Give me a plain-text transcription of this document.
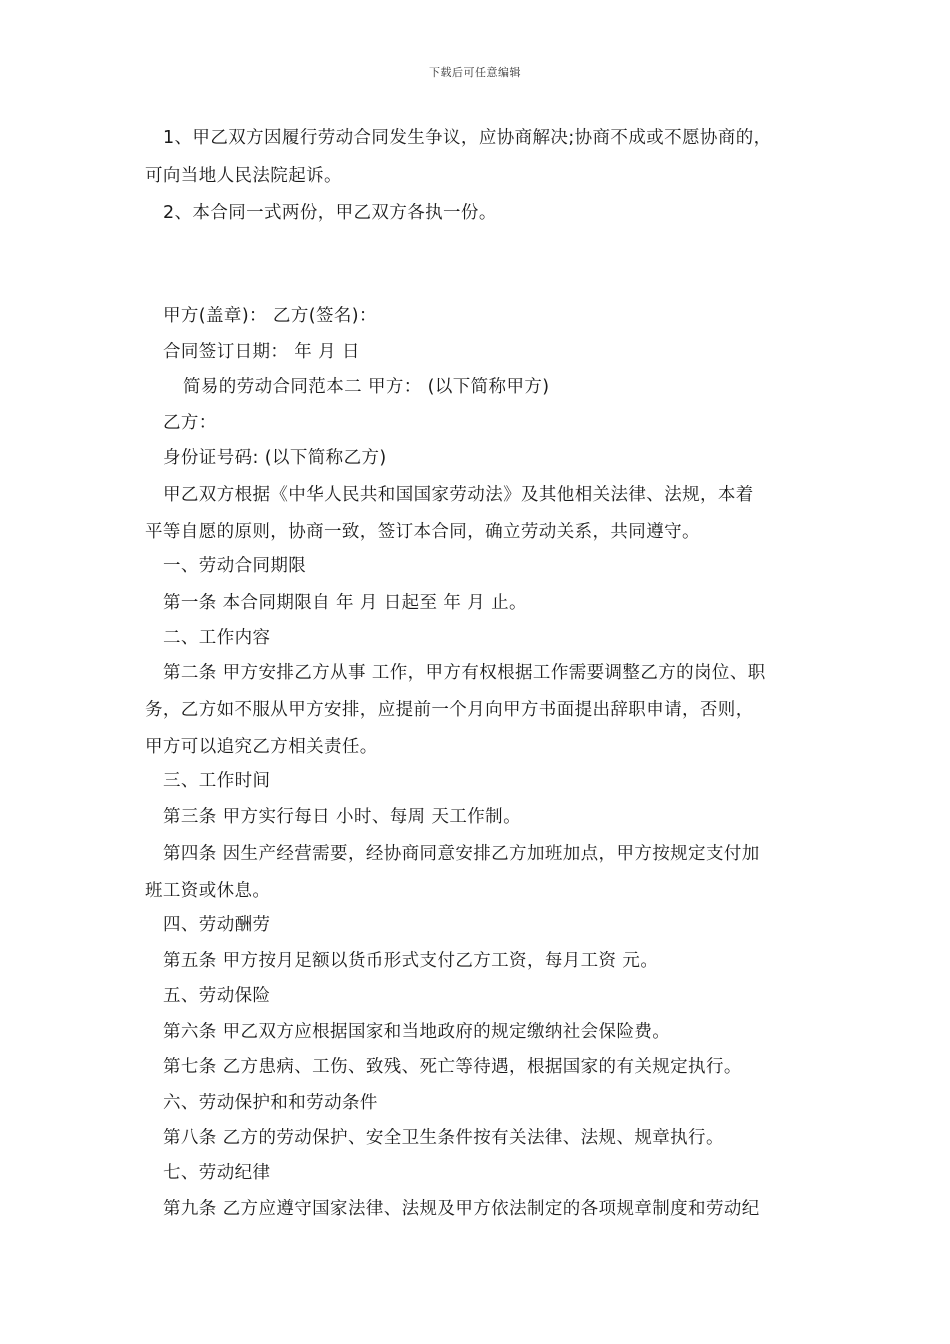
下载后可任意编辑
1、甲乙双方因履行劳动合同发生争议，应协商解决;协商不成或不愿协商的，
可向当地人民法院起诉。
2、本合同一式两份，甲乙双方各执一份。
甲方(盖章)： 乙方(签名)：
合同签订日期： 年 月 日
简易的劳动合同范本二 甲方： (以下简称甲方)
乙方：
身份证号码: (以下简称乙方)
甲乙双方根据《中华人民共和国国家劳动法》及其他相关法律、法规，本着
平等自愿的原则，协商一致，签订本合同，确立劳动关系，共同遵守。
一、劳动合同期限
第一条 本合同期限自 年 月 日起至 年 月 止。
二、工作内容
第二条 甲方安排乙方从事 工作，甲方有权根据工作需要调整乙方的岗位、职
务，乙方如不服从甲方安排，应提前一个月向甲方书面提出辞职申请，否则，
甲方可以追究乙方相关责任。
三、工作时间
第三条 甲方实行每日 小时、每周 天工作制。
第四条 因生产经营需要，经协商同意安排乙方加班加点，甲方按规定支付加
班工资或休息。
四、劳动酬劳
第五条 甲方按月足额以货币形式支付乙方工资，每月工资 元。
五、劳动保险
第六条 甲乙双方应根据国家和当地政府的规定缴纳社会保险费。
第七条 乙方患病、工伤、致残、死亡等待遇，根据国家的有关规定执行。
六、劳动保护和和劳动条件
第八条 乙方的劳动保护、安全卫生条件按有关法律、法规、规章执行。
七、劳动纪律
第九条 乙方应遵守国家法律、法规及甲方依法制定的各项规章制度和劳动纪
